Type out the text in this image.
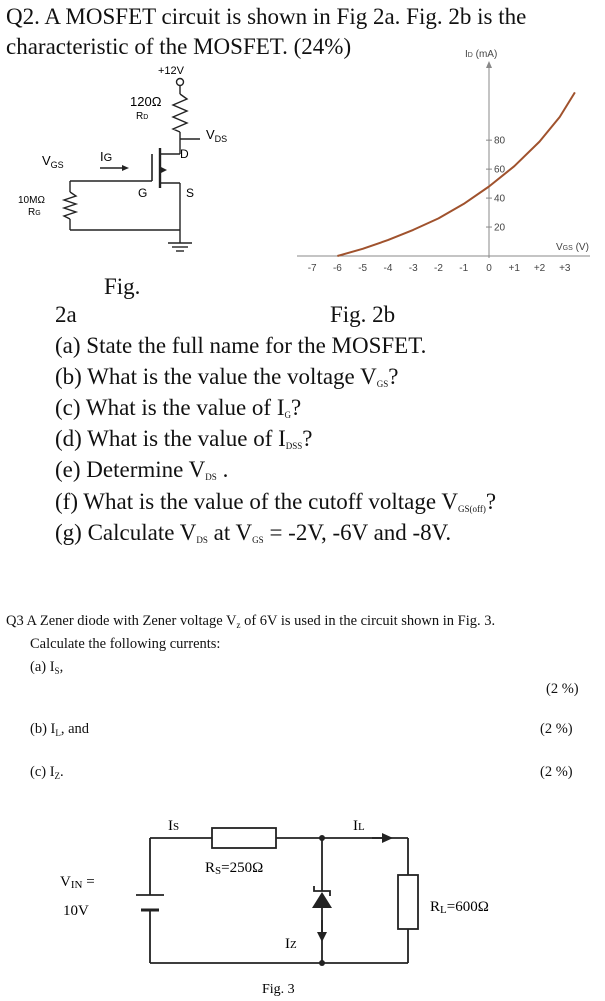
Q2. A MOSFET circuit is shown in Fig 2a. Fig. 2b is the
characteristic of the MOSFET. (24%)
+12V
120Ω
RD
$V_{DS}$
D
$V_{GS}$
IG
G	S
10MΩ
RG
ID (mA)
VGS (V)
20
40
60
80
-7 -6 -5 -4 -3 -2 -1 0 +1 +2 +3
Fig.
2a	Fig. 2b
(a) State the full name for the MOSFET.
(b) What is the value the voltage $V_{GS}$?
(c) What is the value of $I_G$?
(d) What is the value of $I_{DSS}$?
(e) Determine $V_{DS}$ .
(f) What is the value of the cutoff voltage $V_{GS(off)}$?
(g) Calculate $V_{DS}$ at $V_{GS} = -2V$, -6V and -8V.
Q3 A Zener diode with Zener voltage $V_z$ of 6V is used in the circuit shown in Fig. 3.
Calculate the following currents:
(a) $I_S$,
(2 %)
(b) $I_L$, and	(2 %)
(c) $I_Z$.	(2 %)
IS	IL
RS=250Ω
VIN =
10V	RL=600Ω
IZ
Fig. 3
